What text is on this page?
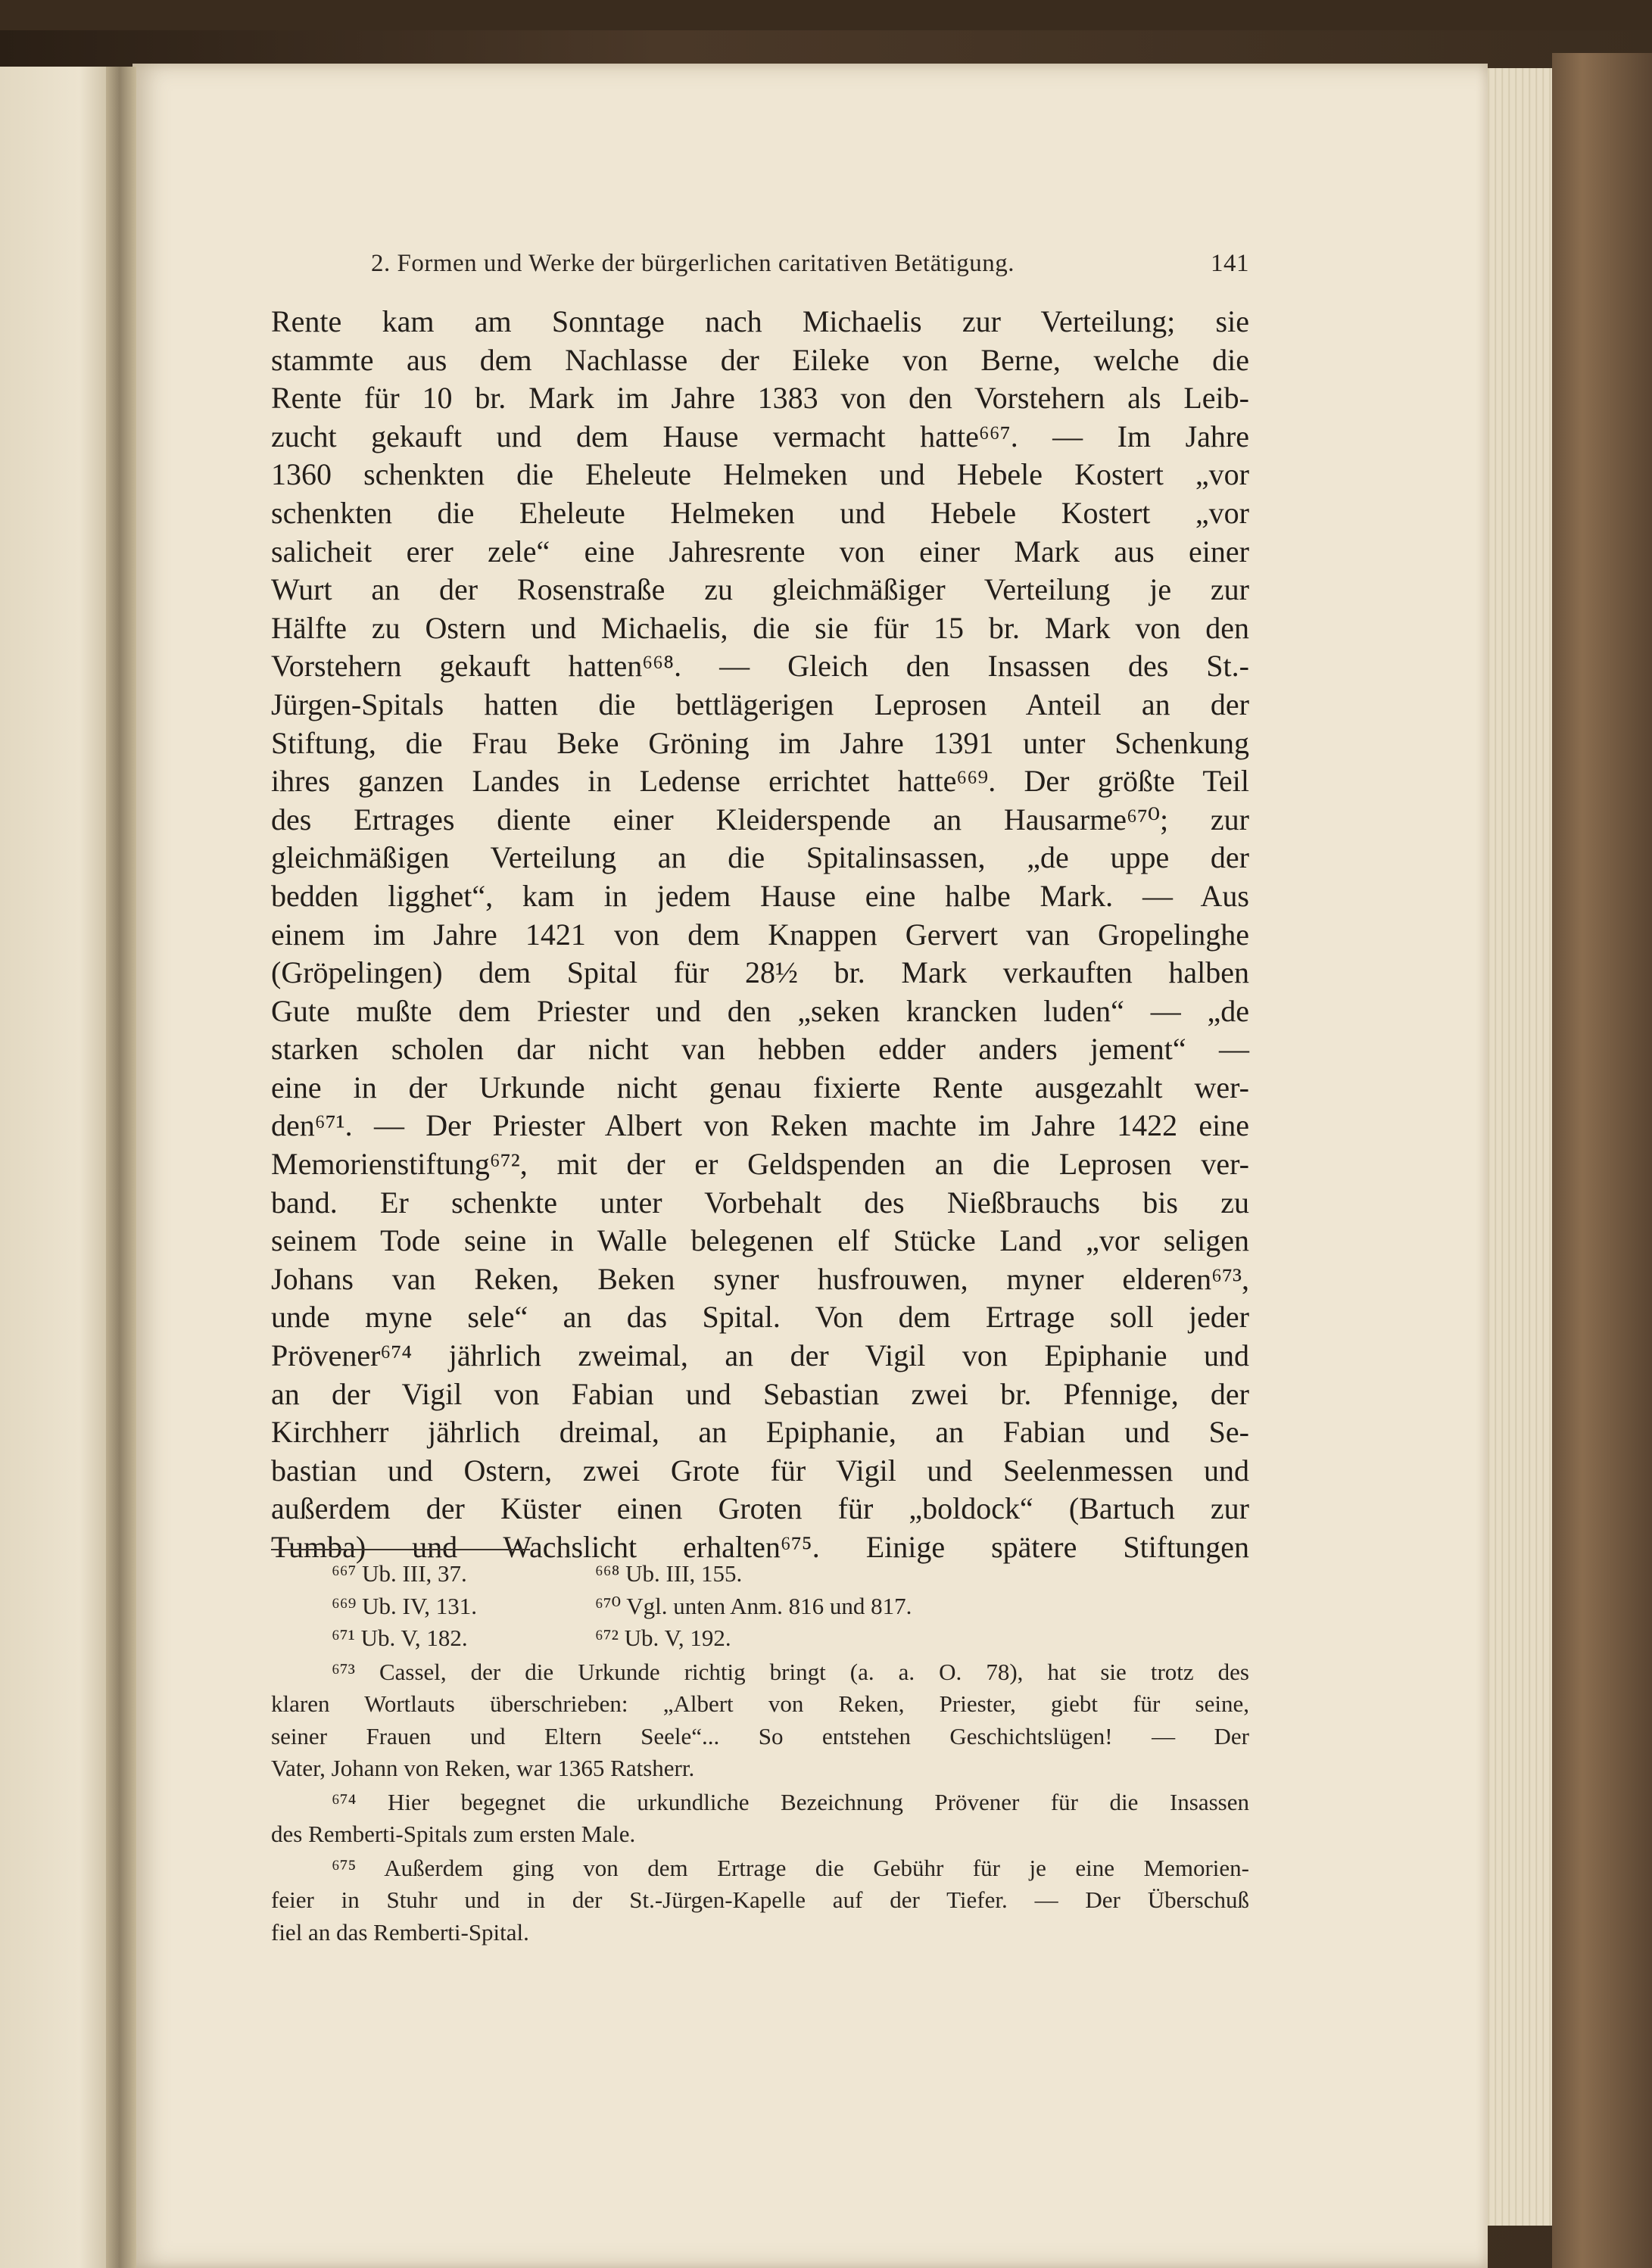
2. Formen und Werke der bürgerlichen caritativen Betätigung.	141
Rente kam am Sonntage nach Michaelis zur Verteilung; sie
stammte aus dem Nachlasse der Eileke von Berne, welche die
Rente für 10 br. Mark im Jahre 1383 von den Vorstehern als Leib-
zucht gekauft und dem Hause vermacht hatte⁶⁶⁷. — Im Jahre
1360 schenkten die Eheleute Helmeken und Hebele Kostert „vor
schenkten die Eheleute Helmeken und Hebele Kostert „vor
salicheit erer zele“ eine Jahresrente von einer Mark aus einer
Wurt an der Rosenstraße zu gleichmäßiger Verteilung je zur
Hälfte zu Ostern und Michaelis, die sie für 15 br. Mark von den
Vorstehern gekauft hatten⁶⁶⁸. — Gleich den Insassen des St.-
Jürgen-Spitals hatten die bettlägerigen Leprosen Anteil an der
Stiftung, die Frau Beke Gröning im Jahre 1391 unter Schenkung
ihres ganzen Landes in Ledense errichtet hatte⁶⁶⁹. Der größte Teil
des Ertrages diente einer Kleiderspende an Hausarme⁶⁷⁰; zur
gleichmäßigen Verteilung an die Spitalinsassen, „de uppe der
bedden ligghet“, kam in jedem Hause eine halbe Mark. — Aus
einem im Jahre 1421 von dem Knappen Gervert van Gropelinghe
(Gröpelingen) dem Spital für 28½ br. Mark verkauften halben
Gute mußte dem Priester und den „seken krancken luden“ — „de
starken scholen dar nicht van hebben edder anders jement“ —
eine in der Urkunde nicht genau fixierte Rente ausgezahlt wer-
den⁶⁷¹. — Der Priester Albert von Reken machte im Jahre 1422 eine
Memorienstiftung⁶⁷², mit der er Geldspenden an die Leprosen ver-
band. Er schenkte unter Vorbehalt des Nießbrauchs bis zu
seinem Tode seine in Walle belegenen elf Stücke Land „vor seligen
Johans van Reken, Beken syner husfrouwen, myner elderen⁶⁷³,
unde myne sele“ an das Spital. Von dem Ertrage soll jeder
Prövener⁶⁷⁴ jährlich zweimal, an der Vigil von Epiphanie und
an der Vigil von Fabian und Sebastian zwei br. Pfennige, der
Kirchherr jährlich dreimal, an Epiphanie, an Fabian und Se-
bastian und Ostern, zwei Grote für Vigil und Seelenmessen und
außerdem der Küster einen Groten für „boldock“ (Bartuch zur
Tumba) und Wachslicht erhalten⁶⁷⁵. Einige spätere Stiftungen
⁶⁶⁷ Ub. III, 37.	⁶⁶⁸ Ub. III, 155.
⁶⁶⁹ Ub. IV, 131.	⁶⁷⁰ Vgl. unten Anm. 816 und 817.
⁶⁷¹ Ub. V, 182.	⁶⁷² Ub. V, 192.
⁶⁷³ Cassel, der die Urkunde richtig bringt (a. a. O. 78), hat sie trotz des
klaren Wortlauts überschrieben: „Albert von Reken, Priester, giebt für seine,
seiner Frauen und Eltern Seele“... So entstehen Geschichtslügen! — Der
Vater, Johann von Reken, war 1365 Ratsherr.
⁶⁷⁴ Hier begegnet die urkundliche Bezeichnung Prövener für die Insassen
des Remberti-Spitals zum ersten Male.
⁶⁷⁵ Außerdem ging von dem Ertrage die Gebühr für je eine Memorien-
feier in Stuhr und in der St.-Jürgen-Kapelle auf der Tiefer. — Der Überschuß
fiel an das Remberti-Spital.
